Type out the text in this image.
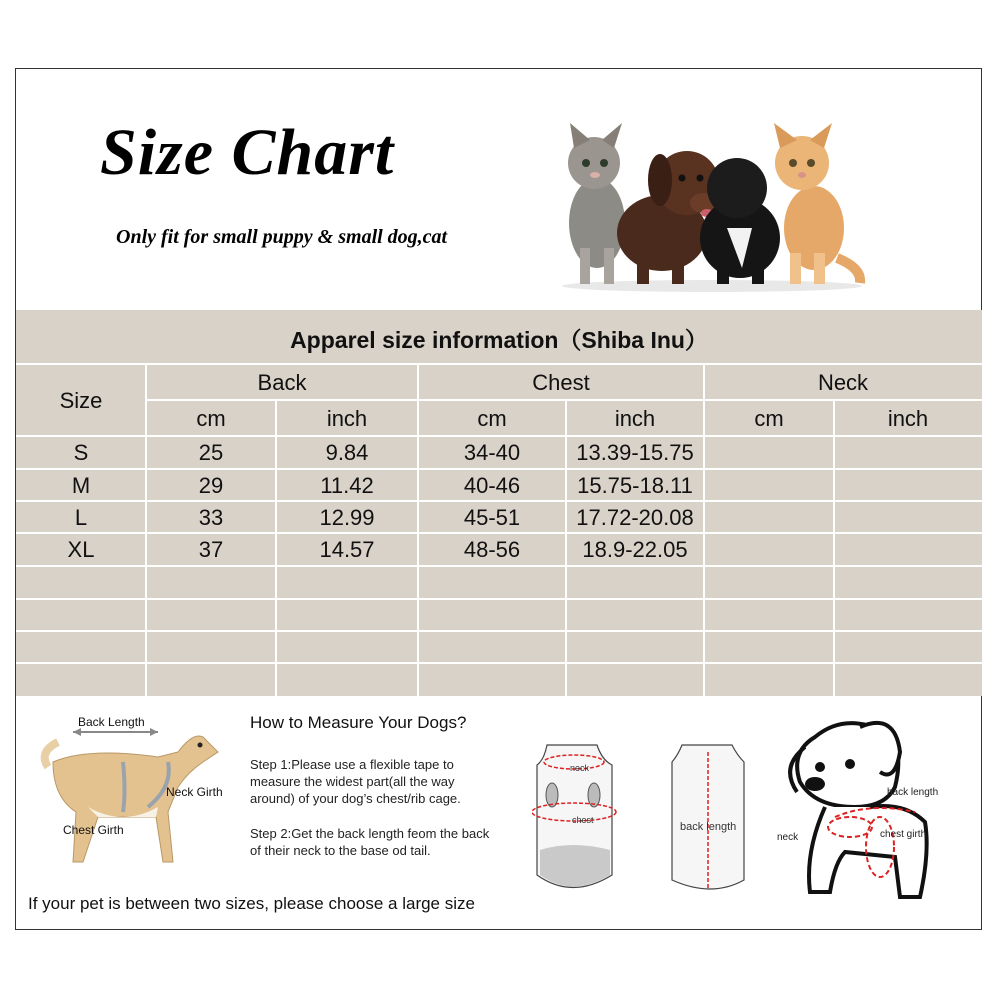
Size Chart
Only fit for small puppy & small dog,cat
Apparel size information（Shiba Inu）
Size
Back	Chest	Neck
cm	inch	cm	inch	cm	inch
S	25	9.84	34-40	13.39-15.75
M	29	11.42	40-46	15.75-18.11
L	33	12.99	45-51	17.72-20.08
XL	37	14.57	48-56	18.9-22.05
Back Length
Neck Girth
Chest Girth
How to Measure Your Dogs?
Step 1:Please use a flexible tape to measure the widest part(all the way around) of your dog’s chest/rib cage.
Step 2:Get the back length feom the back of their neck to the base od tail.
neck
chest
back length
back length
neck	chest girth
If your pet is between two sizes, please choose a large size
